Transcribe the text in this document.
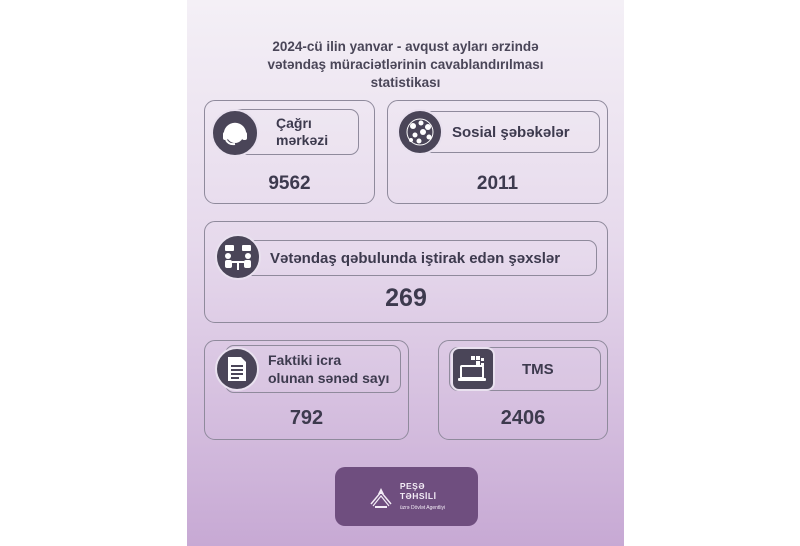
2024-cü ilin yanvar - avqust ayları ərzində
vətəndaş müraciətlərinin cavablandırılması
statistikası
Çağrı
mərkəzi
9562
Sosial şəbəkələr
2011
Vətəndaş qəbulunda iştirak edən şəxslər
269
Faktiki icra
olunan sənəd sayı
792
TMS
2406
PEŞƏ
TƏHSİLİ
üzrə Dövlət Agentliyi
